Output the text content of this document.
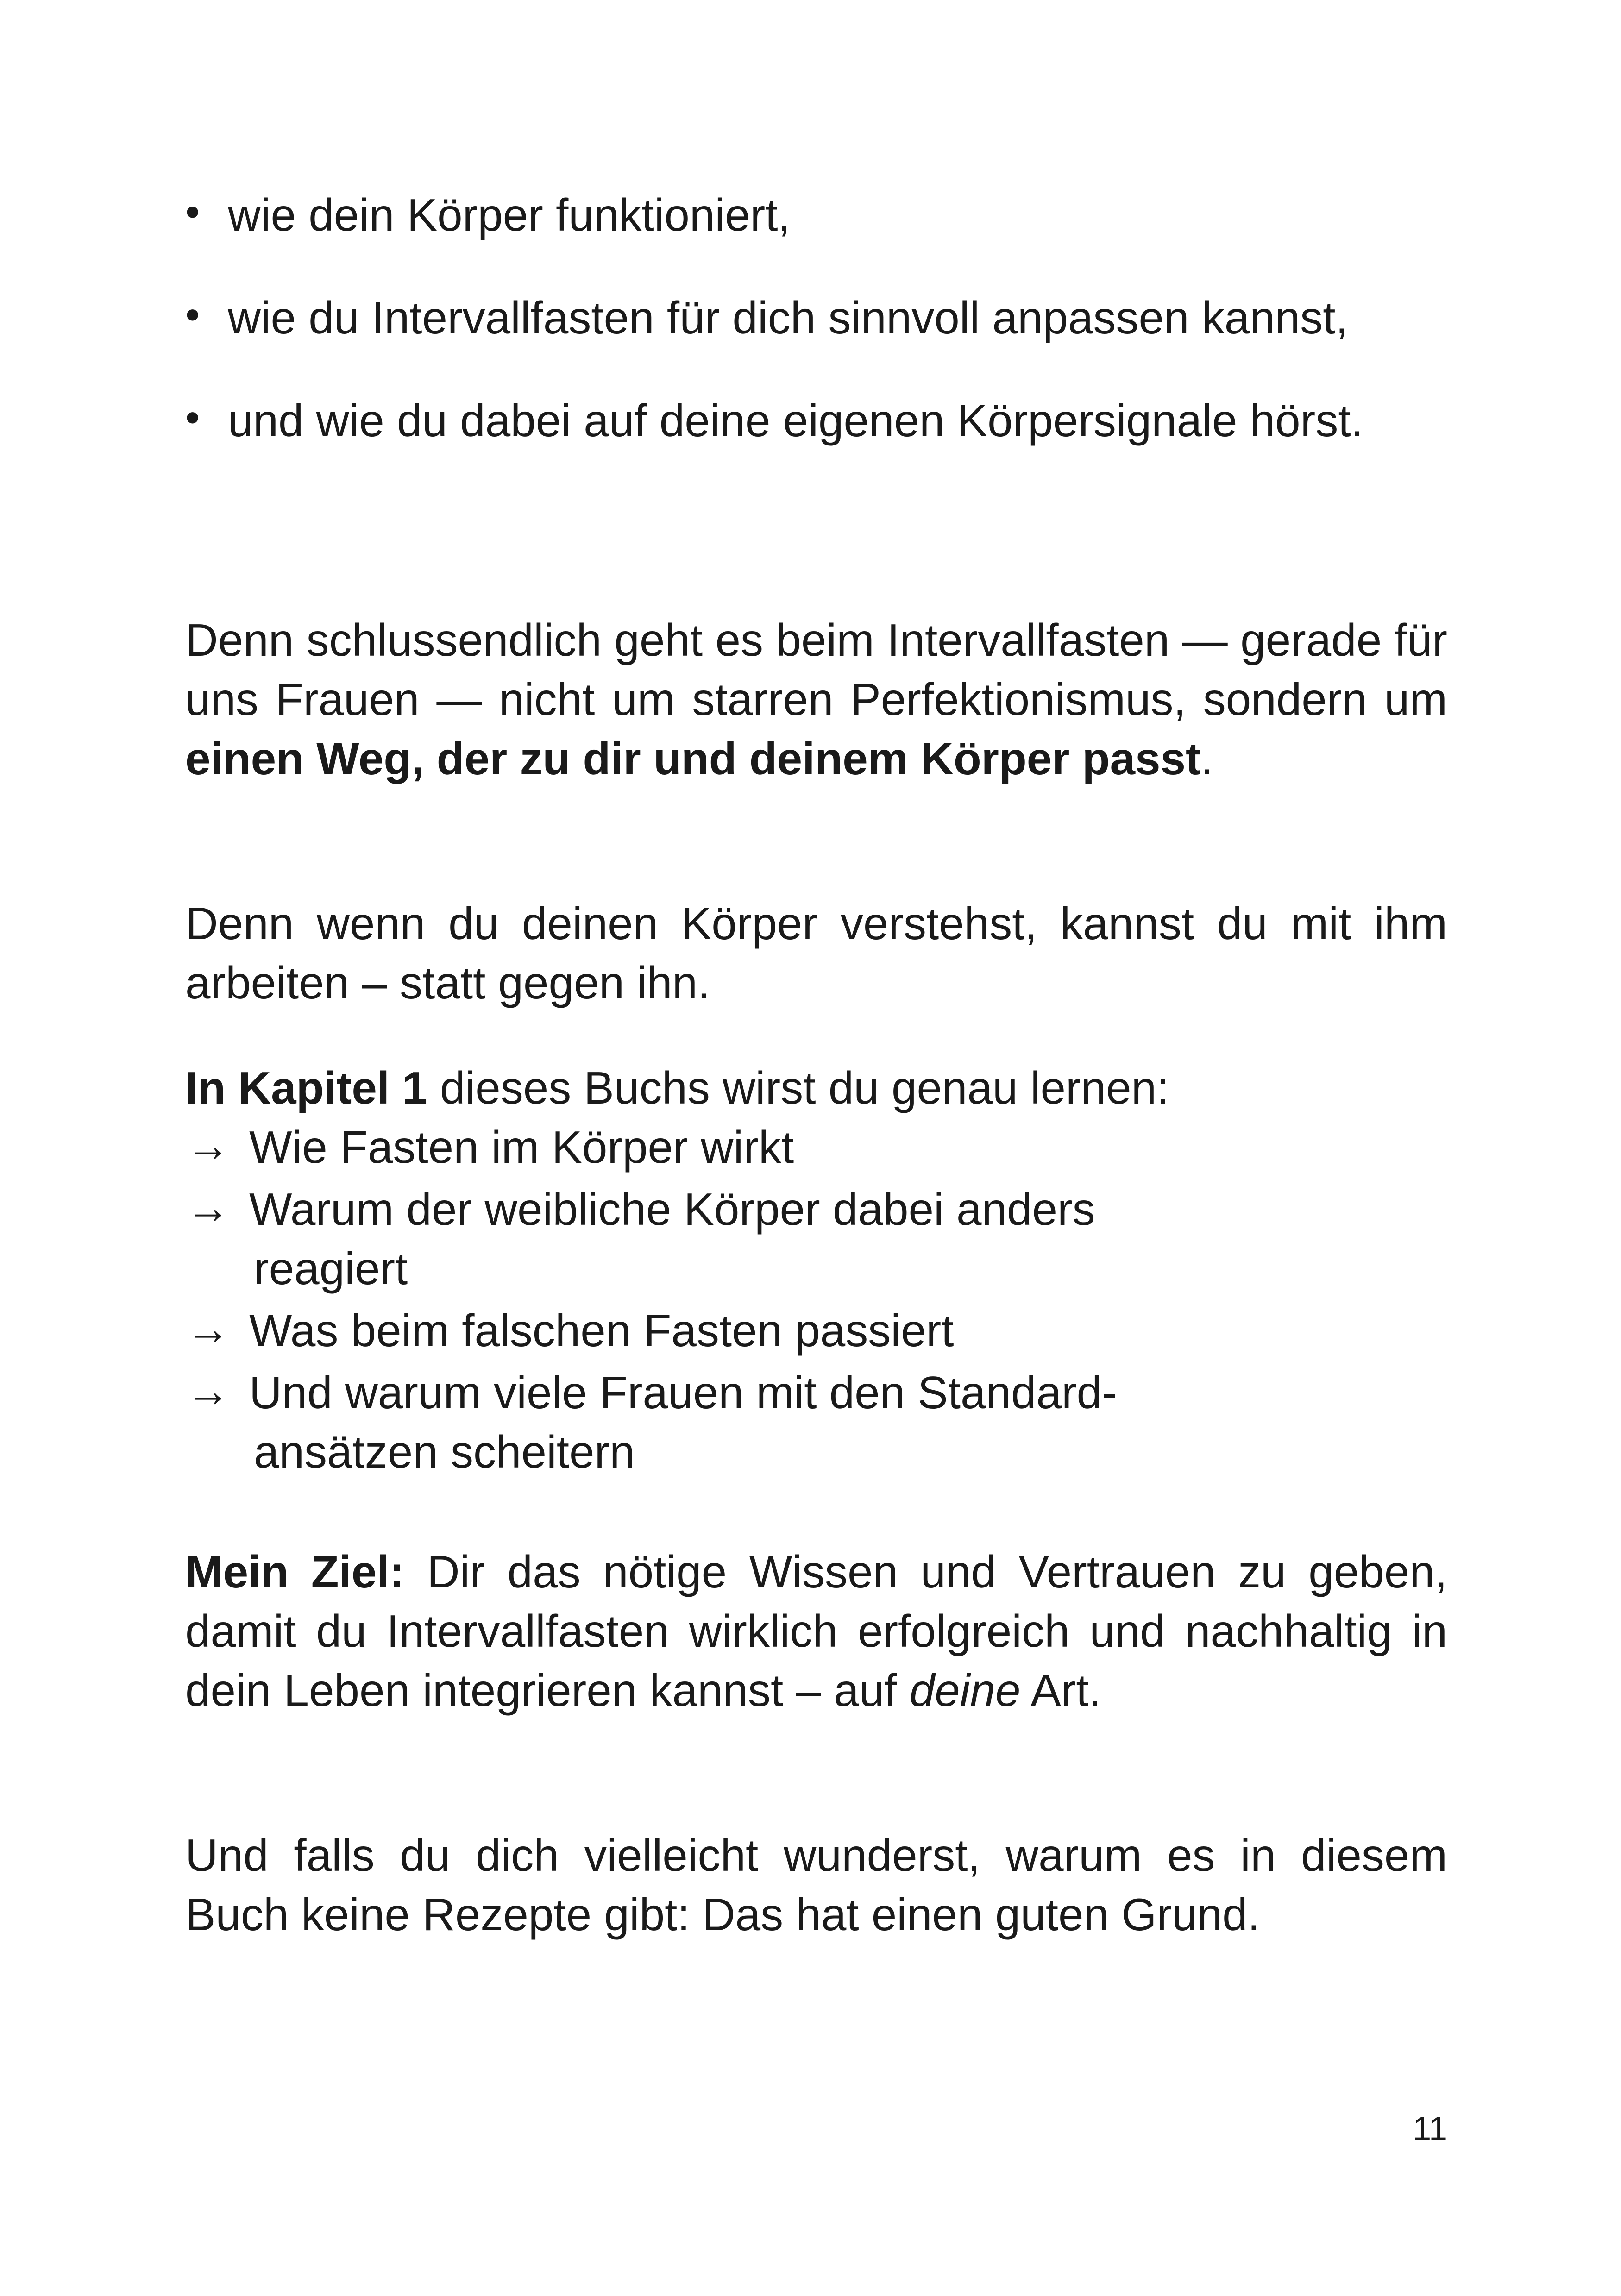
• wie dein Körper funktioniert,
• wie du Intervallfasten für dich sinnvoll anpassen kannst,
• und wie du dabei auf deine eigenen Körpersignale hörst.

Denn schlussendlich geht es beim Intervallfasten — gerade für uns Frauen — nicht um starren Perfektionismus, sondern um einen Weg, der zu dir und deinem Körper passt.

Denn wenn du deinen Körper verstehst, kannst du mit ihm arbeiten – statt gegen ihn.

In Kapitel 1 dieses Buchs wirst du genau lernen:

→ Wie Fasten im Körper wirkt
→ Warum der weibliche Körper dabei anders
reagiert
→ Was beim falschen Fasten passiert
→ Und warum viele Frauen mit den Standard-
ansätzen scheitern

Mein Ziel: Dir das nötige Wissen und Vertrauen zu geben, damit du Intervallfasten wirklich erfolgreich und nachhaltig in dein Leben integrieren kannst – auf deine Art.

Und falls du dich vielleicht wunderst, warum es in diesem Buch keine Rezepte gibt: Das hat einen guten Grund.

11
